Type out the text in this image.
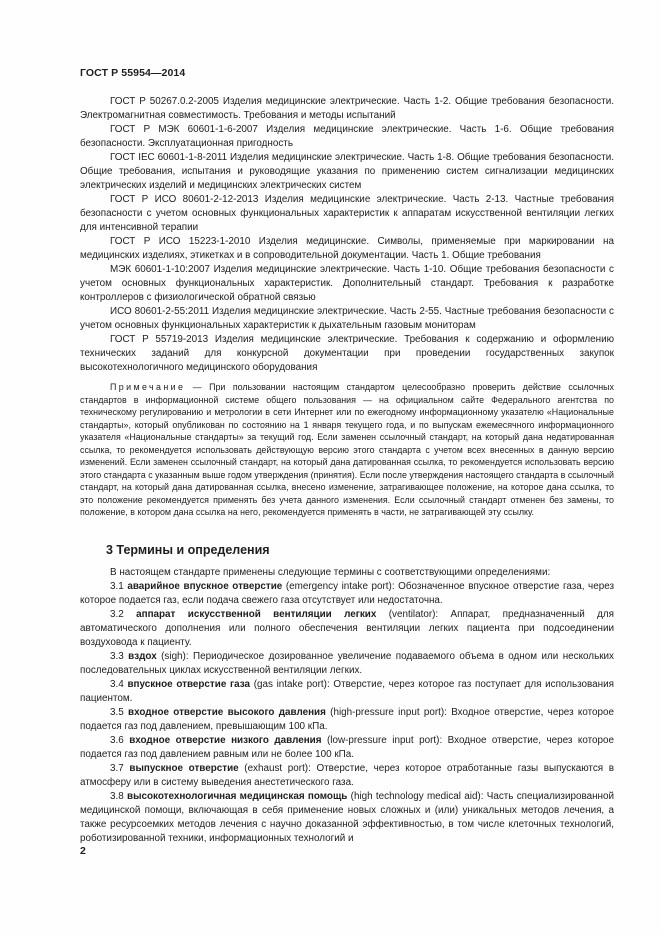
ГОСТ Р 55954—2014

ГОСТ Р 50267.0.2-2005 Изделия медицинские электрические. Часть 1-2. Общие требования безопасности. Электромагнитная совместимость. Требования и методы испытаний

ГОСТ Р МЭК 60601-1-6-2007 Изделия медицинские электрические. Часть 1-6. Общие требования безопасности. Эксплуатационная пригодность

ГОСТ IEC 60601-1-8-2011 Изделия медицинские электрические. Часть 1-8. Общие требования безопасности. Общие требования, испытания и руководящие указания по применению систем сигнализации медицинских электрических изделий и медицинских электрических систем

ГОСТ Р ИСО 80601-2-12-2013 Изделия медицинские электрические. Часть 2-13. Частные требования безопасности с учетом основных функциональных характеристик к аппаратам искусственной вентиляции легких для интенсивной терапии

ГОСТ Р ИСО 15223-1-2010 Изделия медицинские. Символы, применяемые при маркировании на медицинских изделиях, этикетках и в сопроводительной документации. Часть 1. Общие требования

МЭК 60601-1-10:2007 Изделия медицинские электрические. Часть 1-10. Общие требования безопасности с учетом основных функциональных характеристик. Дополнительный стандарт. Требования к разработке контроллеров с физиологической обратной связью

ИСО 80601-2-55:2011 Изделия медицинские электрические. Часть 2-55. Частные требования безопасности с учетом основных функциональных характеристик к дыхательным газовым мониторам

ГОСТ Р 55719-2013 Изделия медицинские электрические. Требования к содержанию и оформлению технических заданий для конкурсной документации при проведении государственных закупок высокотехнологичного медицинского оборудования

Примечание — При пользовании настоящим стандартом целесообразно проверить действие ссылочных стандартов в информационной системе общего пользования — на официальном сайте Федерального агентства по техническому регулированию и метрологии в сети Интернет или по ежегодному информационному указателю «Национальные стандарты», который опубликован по состоянию на 1 января текущего года, и по выпускам ежемесячного информационного указателя «Национальные стандарты» за текущий год. Если заменен ссылочный стандарт, на который дана недатированная ссылка, то рекомендуется использовать действующую версию этого стандарта с учетом всех внесенных в данную версию изменений. Если заменен ссылочный стандарт, на который дана датированная ссылка, то рекомендуется использовать версию этого стандарта с указанным выше годом утверждения (принятия). Если после утверждения настоящего стандарта в ссылочный стандарт, на который дана датированная ссылка, внесено изменение, затрагивающее положение, на которое дана ссылка, то это положение рекомендуется применять без учета данного изменения. Если ссылочный стандарт отменен без замены, то положение, в котором дана ссылка на него, рекомендуется применять в части, не затрагивающей эту ссылку.

3 Термины и определения

В настоящем стандарте применены следующие термины с соответствующими определениями:

3.1 аварийное впускное отверстие (emergency intake port): Обозначенное впускное отверстие газа, через которое подается газ, если подача свежего газа отсутствует или недостаточна.

3.2 аппарат искусственной вентиляции легких (ventilator): Аппарат, предназначенный для автоматического дополнения или полного обеспечения вентиляции легких пациента при подсоединении воздуховода к пациенту.

3.3 вздох (sigh): Периодическое дозированное увеличение подаваемого объема в одном или нескольких последовательных циклах искусственной вентиляции легких.

3.4 впускное отверстие газа (gas intake port): Отверстие, через которое газ поступает для использования пациентом.

3.5 входное отверстие высокого давления (high-pressure input port): Входное отверстие, через которое подается газ под давлением, превышающим 100 кПа.

3.6 входное отверстие низкого давления (low-pressure input port): Входное отверстие, через которое подается газ под давлением равным или не более 100 кПа.

3.7 выпускное отверстие (exhaust port): Отверстие, через которое отработанные газы выпускаются в атмосферу или в систему выведения анестетического газа.

3.8 высокотехнологичная медицинская помощь (high technology medical aid): Часть специализированной медицинской помощи, включающая в себя применение новых сложных и (или) уникальных методов лечения, а также ресурсоемких методов лечения с научно доказанной эффективностью, в том числе клеточных технологий, роботизированной техники, информационных технологий и

2
